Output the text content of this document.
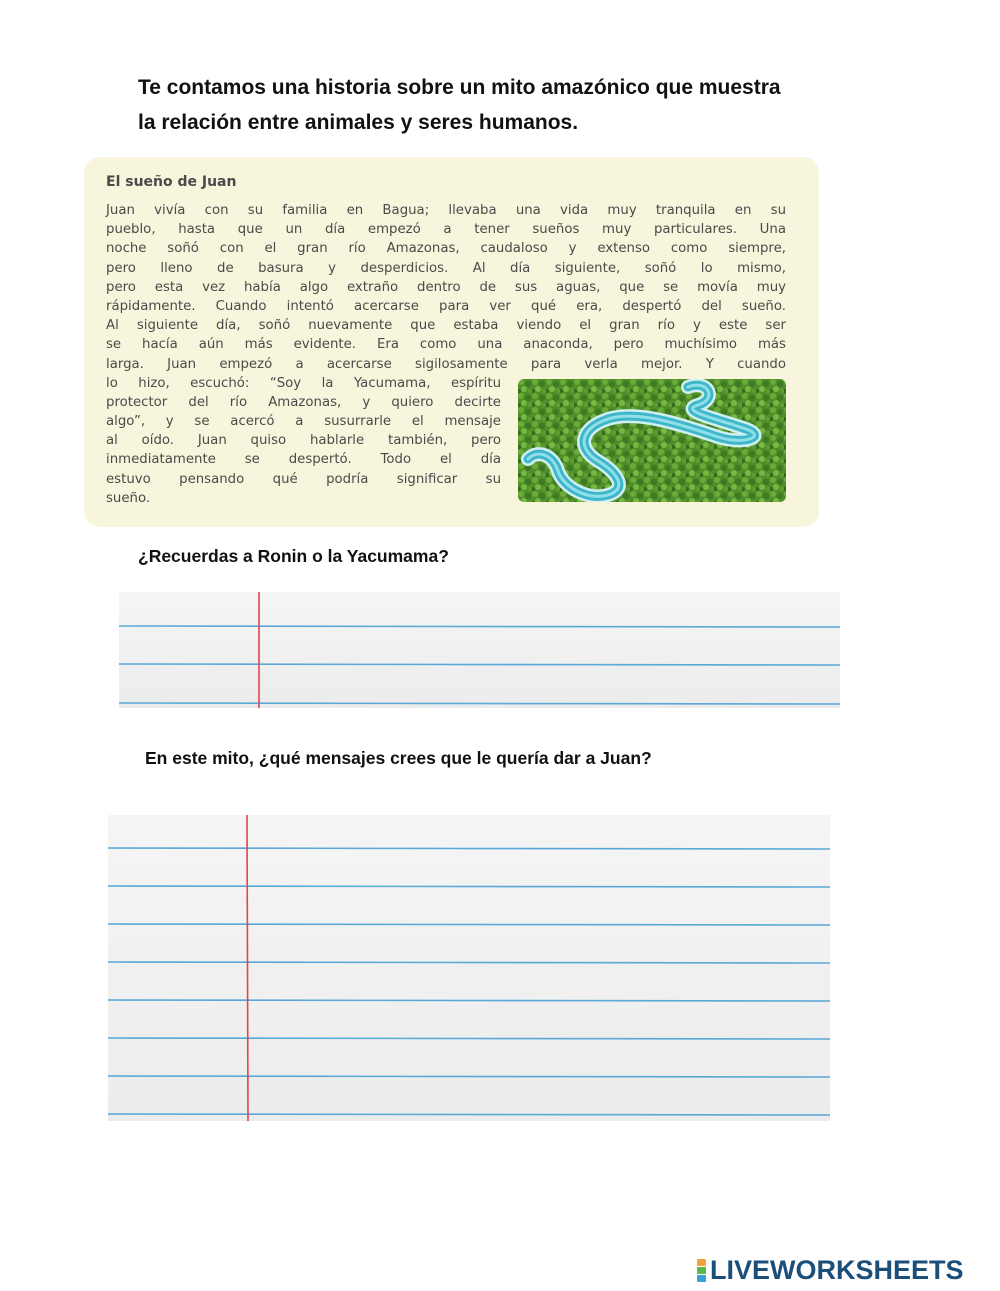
Te contamos una historia sobre un mito amazónico que muestra
la relación entre animales y seres humanos.
El sueño de Juan
Juan vivía con su familia en Bagua; llevaba una vida muy tranquila en su
pueblo, hasta que un día empezó a tener sueños muy particulares. Una
noche soñó con el gran río Amazonas, caudaloso y extenso como siempre,
pero lleno de basura y desperdicios. Al día siguiente, soñó lo mismo,
pero esta vez había algo extraño dentro de sus aguas, que se movía muy
rápidamente. Cuando intentó acercarse para ver qué era, despertó del sueño.
Al siguiente día, soñó nuevamente que estaba viendo el gran río y este ser
se hacía aún más evidente. Era como una anaconda, pero muchísimo más
larga. Juan empezó a acercarse sigilosamente para verla mejor. Y cuando
lo hizo, escuchó: “Soy la Yacumama, espíritu
protector del río Amazonas, y quiero decirte
algo”, y se acercó a susurrarle el mensaje
al oído. Juan quiso hablarle también, pero
inmediatamente se despertó. Todo el día
estuvo pensando qué podría significar su
sueño.
¿Recuerdas a Ronin o la Yacumama?
En este mito, ¿qué mensajes crees que le quería dar a Juan?
LIVEWORKSHEETS
